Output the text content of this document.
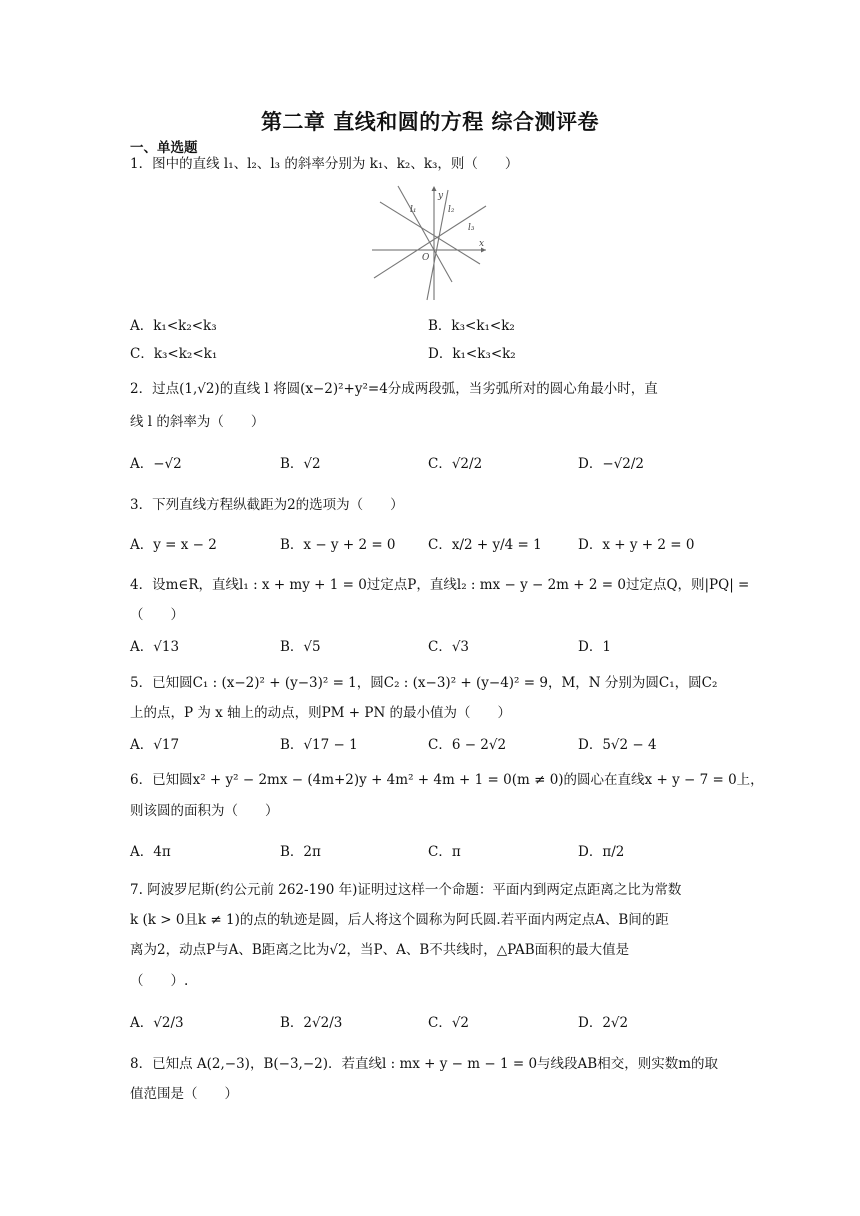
第二章 直线和圆的方程 综合测评卷
一、单选题
1．图中的直线 l₁、l₂、l₃ 的斜率分别为 k₁、k₂、k₃，则（　　）
y
x
O
l₁	l₂
l₃
A．k₁<k₂<k₃	B．k₃<k₁<k₂
C．k₃<k₂<k₁	D．k₁<k₃<k₂
2．过点(1,√2)的直线 l 将圆(x−2)²+y²=4分成两段弧，当劣弧所对的圆心角最小时，直
线 l 的斜率为（　　）
A．−√2	B．√2	C．√2/2	D．−√2/2
3．下列直线方程纵截距为2的选项为（　　）
A．y = x − 2	B．x − y + 2 = 0 C．x/2 + y/4 = 1	D．x + y + 2 = 0
4．设m∈R，直线l₁ : x + my + 1 = 0过定点P，直线l₂ : mx − y − 2m + 2 = 0过定点Q，则|PQ| =
（　　）
A．√13	B．√5	C．√3	D．1
5．已知圆C₁ : (x−2)² + (y−3)² = 1，圆C₂ : (x−3)² + (y−4)² = 9，M，N 分别为圆C₁，圆C₂
上的点，P 为 x 轴上的动点，则PM + PN 的最小值为（　　）
A．√17	B．√17 − 1	C．6 − 2√2	D．5√2 − 4
6．已知圆x² + y² − 2mx − (4m+2)y + 4m² + 4m + 1 = 0(m ≠ 0)的圆心在直线x + y − 7 = 0上，
则该圆的面积为（　　）
A．4π	B．2π	C．π	D．π/2
7. 阿波罗尼斯(约公元前 262-190 年)证明过这样一个命题：平面内到两定点距离之比为常数
k (k > 0且k ≠ 1)的点的轨迹是圆，后人将这个圆称为阿氏圆.若平面内两定点A、B间的距
离为2，动点P与A、B距离之比为√2，当P、A、B不共线时，△PAB面积的最大值是
（　　）.
A．√2/3	B．2√2/3	C．√2	D．2√2
8．已知点 A(2,−3)，B(−3,−2)．若直线l : mx + y − m − 1 = 0与线段AB相交，则实数m的取
值范围是（　　）
